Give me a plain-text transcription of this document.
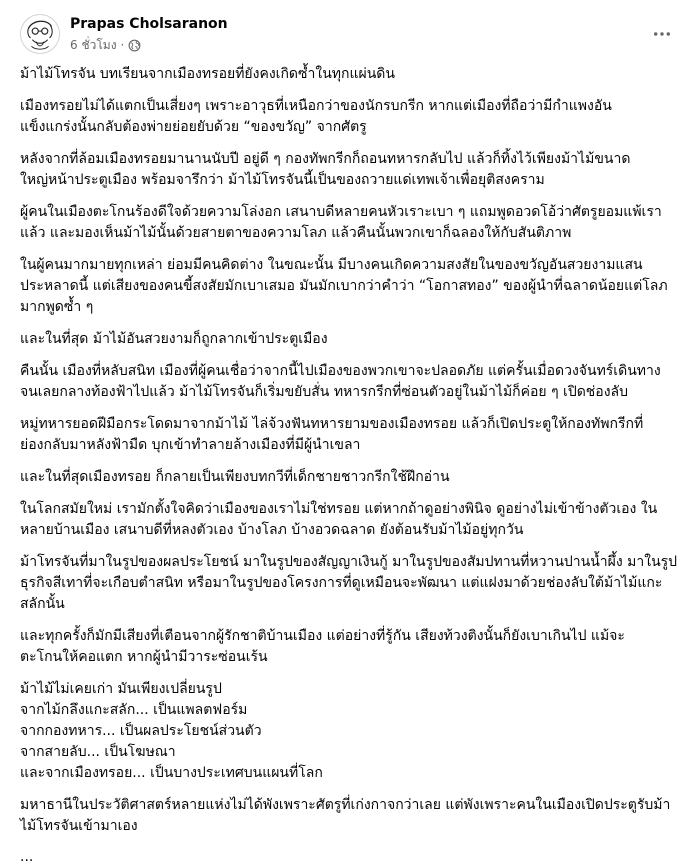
Prapas Cholsaranon
6 ชั่วโมง ·

ม้าไม้โทรจัน บทเรียนจากเมืองทรอยที่ยังคงเกิดซ้ำในทุกแผ่นดิน

เมืองทรอยไม่ได้แตกเป็นเสี่ยงๆ เพราะอาวุธที่เหนือกว่าของนักรบกรีก หากแต่เมืองที่ถือว่ามีกำแพงอัน
แข็งแกร่งนั้นกลับต้องพ่ายย่อยยับด้วย “ของขวัญ” จากศัตรู

หลังจากที่ล้อมเมืองทรอยมานานนับปี อยู่ดี ๆ กองทัพกรีกก็ถอนทหารกลับไป แล้วก็ทิ้งไว้เพียงม้าไม้ขนาด
ใหญ่หน้าประตูเมือง พร้อมจารึกว่า ม้าไม้โทรจันนี้เป็นของถวายแด่เทพเจ้าเพื่อยุติสงคราม

ผู้คนในเมืองตะโกนร้องดีใจด้วยความโล่งอก เสนาบดีหลายคนหัวเราะเบา ๆ แถมพูดอวดโอ้ว่าศัตรูยอมแพ้เรา
แล้ว และมองเห็นม้าไม้นั้นด้วยสายตาของความโลภ แล้วคืนนั้นพวกเขาก็ฉลองให้กับสันติภาพ

ในผู้คนมากมายทุกเหล่า ย่อมมีคนคิดต่าง ในขณะนั้น มีบางคนเกิดความสงสัยในของขวัญอันสวยงามแสน
ประหลาดนี้ แต่เสียงของคนขี้สงสัยมักเบาเสมอ มันมักเบากว่าคำว่า “โอกาสทอง” ของผู้นำที่ฉลาดน้อยแต่โลภ
มากพูดซ้ำ ๆ

และในที่สุด ม้าไม้อันสวยงามก็ถูกลากเข้าประตูเมือง

คืนนั้น เมืองที่หลับสนิท เมืองที่ผู้คนเชื่อว่าจากนี้ไปเมืองของพวกเขาจะปลอดภัย แต่ครั้นเมื่อดวงจันทร์เดินทาง
จนเลยกลางท้องฟ้าไปแล้ว ม้าไม้โทรจันก็เริ่มขยับสั่น ทหารกรีกที่ซ่อนตัวอยู่ในม้าไม้ก็ค่อย ๆ เปิดช่องลับ

หมู่ทหารยอดฝีมือกระโดดมาจากม้าไม้ ไล่จ้วงฟันทหารยามของเมืองทรอย แล้วก็เปิดประตูให้กองทัพกรีกที่
ย่องกลับมาหลังฟ้ามืด บุกเข้าทำลายล้างเมืองที่มีผู้นำเขลา

และในที่สุดเมืองทรอย ก็กลายเป็นเพียงบทกวีที่เด็กชายชาวกรีกใช้ฝึกอ่าน

ในโลกสมัยใหม่ เรามักตั้งใจคิดว่าเมืองของเราไม่ใช่ทรอย แต่หากถ้าดูอย่างพินิจ ดูอย่างไม่เข้าข้างตัวเอง ใน
หลายบ้านเมือง เสนาบดีที่หลงตัวเอง บ้างโลภ บ้างอวดฉลาด ยังต้อนรับม้าไม้อยู่ทุกวัน

ม้าโทรจันที่มาในรูปของผลประโยชน์ มาในรูปของสัญญาเงินกู้ มาในรูปของสัมปทานที่หวานปานน้ำผึ้ง มาในรูป
ธุรกิจสีเทาที่จะเกือบตำสนิท หรือมาในรูปของโครงการที่ดูเหมือนจะพัฒนา แต่แฝงมาด้วยช่องลับใต้ม้าไม้แกะ
สลักนั้น

และทุกครั้งก็มักมีเสียงที่เตือนจากผู้รักชาติบ้านเมือง แต่อย่างที่รู้กัน เสียงท้วงติงนั้นก็ยังเบาเกินไป แม้จะ
ตะโกนให้คอแตก หากผู้นำมีวาระซ่อนเร้น

ม้าไม้ไม่เคยเก่า มันเพียงเปลี่ยนรูป
จากไม้กลึงแกะสลัก... เป็นแพลตฟอร์ม
จากกองทหาร... เป็นผลประโยชน์ส่วนตัว
จากสายลับ... เป็นโฆษณา
และจากเมืองทรอย... เป็นบางประเทศบนแผนที่โลก

มหาธานีในประวัติศาสตร์หลายแห่งไม่ได้พังเพราะศัตรูที่เก่งกาจกว่าเลย แต่พังเพราะคนในเมืองเปิดประตูรับม้า
ไม้โทรจันเข้ามาเอง

...
